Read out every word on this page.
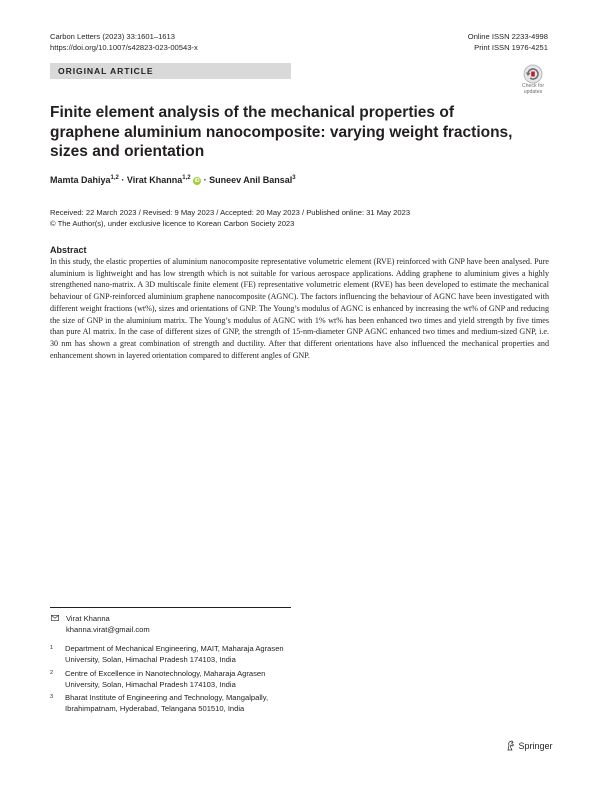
Carbon Letters (2023) 33:1601–1613
https://doi.org/10.1007/s42823-023-00543-x
Online ISSN 2233-4998
Print ISSN 1976-4251
ORIGINAL ARTICLE
Check for
updates
Finite element analysis of the mechanical properties of graphene aluminium nanocomposite: varying weight fractions, sizes and orientation
Mamta Dahiya$^{1,2}$ · Virat Khanna$^{1,2}$ iD · Suneev Anil Bansal$^3$
Received: 22 March 2023 / Revised: 9 May 2023 / Accepted: 20 May 2023 / Published online: 31 May 2023
© The Author(s), under exclusive licence to Korean Carbon Society 2023
Abstract
In this study, the elastic properties of aluminium nanocomposite representative volumetric element (RVE) reinforced with GNP have been analysed. Pure aluminium is lightweight and has low strength which is not suitable for various aerospace applications. Adding graphene to aluminium gives a highly strengthened nano-matrix. A 3D multiscale finite element (FE) representative volumetric element (RVE) has been developed to estimate the mechanical behaviour of GNP-reinforced aluminium graphene nanocomposite (AGNC). The factors influencing the behaviour of AGNC have been investigated with different weight fractions (wt%), sizes and orientations of GNP. The Young’s modulus of AGNC is enhanced by increasing the wt% of GNP and reducing the size of GNP in the aluminium matrix. The Young’s modulus of AGNC with 1% wt% has been enhanced two times and yield strength by five times than pure Al matrix. In the case of different sizes of GNP, the strength of 15-nm-diameter GNP AGNC enhanced two times and medium-sized GNP, i.e. 30 nm has shown a great combination of strength and ductility. After that different orientations have also influenced the mechanical properties and enhancement shown in layered orientation compared to different angles of GNP.
Virat Khanna
khanna.virat@gmail.com
1 Department of Mechanical Engineering, MAIT, Maharaja Agrasen University, Solan, Himachal Pradesh 174103, India
2 Centre of Excellence in Nanotechnology, Maharaja Agrasen University, Solan, Himachal Pradesh 174103, India
3 Bharat Institute of Engineering and Technology, Mangalpally, Ibrahimpatnam, Hyderabad, Telangana 501510, India
Springer
